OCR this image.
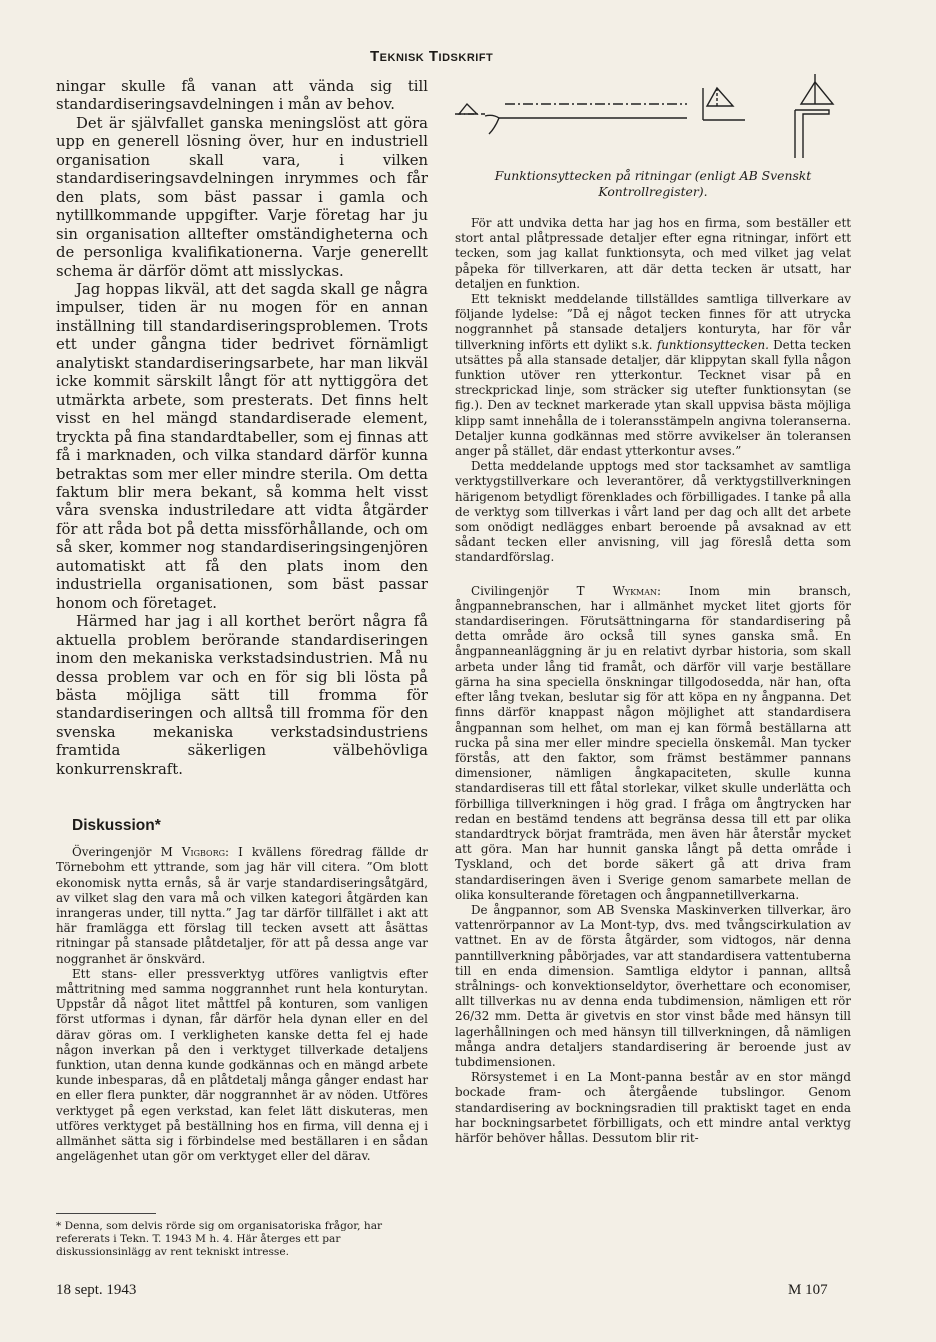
Teknisk Tidskrift

ningar skulle få vanan att vända sig till standardiseringsavdelningen i mån av behov.

Det är självfallet ganska meningslöst att göra upp en generell lösning över, hur en industriell organisation skall vara, i vilken standardiseringsavdelningen inrymmes och får den plats, som bäst passar i gamla och nytillkommande uppgifter. Varje företag har ju sin organisation alltefter omständigheterna och de personliga kvalifikationerna. Varje generellt schema är därför dömt att misslyckas.

Jag hoppas likväl, att det sagda skall ge några impulser, tiden är nu mogen för en annan inställning till standardiseringsproblemen. Trots ett under gångna tider bedrivet förnämligt analytiskt standardiseringsarbete, har man likväl icke kommit särskilt långt för att nyttiggöra det utmärkta arbete, som presterats. Det finns helt visst en hel mängd standardiserade element, tryckta på fina standardtabeller, som ej finnas att få i marknaden, och vilka standard därför kunna betraktas som mer eller mindre sterila. Om detta faktum blir mera bekant, så komma helt visst våra svenska industriledare att vidta åtgärder för att råda bot på detta missförhållande, och om så sker, kommer nog standardiseringsingenjören automatiskt att få den plats inom den industriella organisationen, som bäst passar honom och företaget.

Härmed har jag i all korthet berört några få aktuella problem berörande standardiseringen inom den mekaniska verkstadsindustrien. Må nu dessa problem var och en för sig bli lösta på bästa möjliga sätt till fromma för standardiseringen och alltså till fromma för den svenska mekaniska verkstadsindustriens framtida säkerligen välbehövliga konkurrenskraft.

Diskussion*

Överingenjör M Vigborg: I kvällens föredrag fällde dr Törnebohm ett yttrande, som jag här vill citera. ”Om blott ekonomisk nytta ernås, så är varje standardiseringsåtgärd, av vilket slag den vara må och vilken kategori åtgärden kan inrangeras under, till nytta.” Jag tar därför tillfället i akt att här framlägga ett förslag till tecken avsett att åsättas ritningar på stansade plåtdetaljer, för att på dessa ange var noggranhet är önskvärd.

Ett stans- eller pressverktyg utföres vanligtvis efter måttritning med samma noggrannhet runt hela konturytan. Uppstår då något litet måttfel på konturen, som vanligen först utformas i dynan, får därför hela dynan eller en del därav göras om. I verkligheten kanske detta fel ej hade någon inverkan på den i verktyget tillverkade detaljens funktion, utan denna kunde godkännas och en mängd arbete kunde inbesparas, då en plåtdetalj många gånger endast har en eller flera punkter, där noggrannhet är av nöden. Utföres verktyget på egen verkstad, kan felet lätt diskuteras, men utföres verktyget på beställning hos en firma, vill denna ej i allmänhet sätta sig i förbindelse med beställaren i en sådan angelägenhet utan gör om verktyget eller del därav.

* Denna, som delvis rörde sig om organisatoriska frågor, har refererats i Tekn. T. 1943 M h. 4. Här återges ett par diskussionsinlägg av rent tekniskt intresse.

Funktionsyttecken på ritningar (enligt AB Svenskt Kontrollregister).

För att undvika detta har jag hos en firma, som beställer ett stort antal plåtpressade detaljer efter egna ritningar, infört ett tecken, som jag kallat funktionsyta, och med vilket jag velat påpeka för tillverkaren, att där detta tecken är utsatt, har detaljen en funktion.

Ett tekniskt meddelande tillställdes samtliga tillverkare av följande lydelse: ”Då ej något tecken finnes för att utrycka noggrannhet på stansade detaljers konturyta, har för vår tillverkning införts ett dylikt s.k. funktionsyttecken. Detta tecken utsättes på alla stansade detaljer, där klippytan skall fylla någon funktion utöver ren ytterkontur. Tecknet visar på en streckprickad linje, som sträcker sig utefter funktionsytan (se fig.). Den av tecknet markerade ytan skall uppvisa bästa möjliga klipp samt innehålla de i toleransstämpeln angivna toleranserna. Detaljer kunna godkännas med större avvikelser än toleransen anger på stället, där endast ytterkontur avses.”

Detta meddelande upptogs med stor tacksamhet av samtliga verktygstillverkare och leverantörer, då verktygstillverkningen härigenom betydligt förenklades och förbilligades. I tanke på alla de verktyg som tillverkas i vårt land per dag och allt det arbete som onödigt nedlägges enbart beroende på avsaknad av ett sådant tecken eller anvisning, vill jag föreslå detta som standardförslag.

Civilingenjör T Wykman: Inom min bransch, ångpannebranschen, har i allmänhet mycket litet gjorts för standardiseringen. Förutsättningarna för standardisering på detta område äro också till synes ganska små. En ångpanneanläggning är ju en relativt dyrbar historia, som skall arbeta under lång tid framåt, och därför vill varje beställare gärna ha sina speciella önskningar tillgodosedda, när han, ofta efter lång tvekan, beslutar sig för att köpa en ny ångpanna. Det finns därför knappast någon möjlighet att standardisera ångpannan som helhet, om man ej kan förmå beställarna att rucka på sina mer eller mindre speciella önskemål. Man tycker förstås, att den faktor, som främst bestämmer pannans dimensioner, nämligen ångkapaciteten, skulle kunna standardiseras till ett fåtal storlekar, vilket skulle underlätta och förbilliga tillverkningen i hög grad. I fråga om ångtrycken har redan en bestämd tendens att begränsa dessa till ett par olika standardtryck börjat framträda, men även här återstår mycket att göra. Man har hunnit ganska långt på detta område i Tyskland, och det borde säkert gå att driva fram standardiseringen även i Sverige genom samarbete mellan de olika konsulterande företagen och ångpannetillverkarna.

De ångpannor, som AB Svenska Maskinverken tillverkar, äro vattenrörpannor av La Mont-typ, dvs. med tvångscirkulation av vattnet. En av de första åtgärder, som vidtogos, när denna panntillverkning påbörjades, var att standardisera vattentuberna till en enda dimension. Samtliga eldytor i pannan, alltså strålnings- och konvektionseldytor, överhettare och economiser, allt tillverkas nu av denna enda tubdimension, nämligen ett rör 26/32 mm. Detta är givetvis en stor vinst både med hänsyn till lagerhållningen och med hänsyn till tillverkningen, då nämligen många andra detaljers standardisering är beroende just av tubdimensionen.

Rörsystemet i en La Mont-panna består av en stor mängd bockade fram- och återgående tubslingor. Genom standardisering av bockningsradien till praktiskt taget en enda har bockningsarbetet förbilligats, och ett mindre antal verktyg härför behöver hållas. Dessutom blir rit-

18 sept. 1943	M 107
